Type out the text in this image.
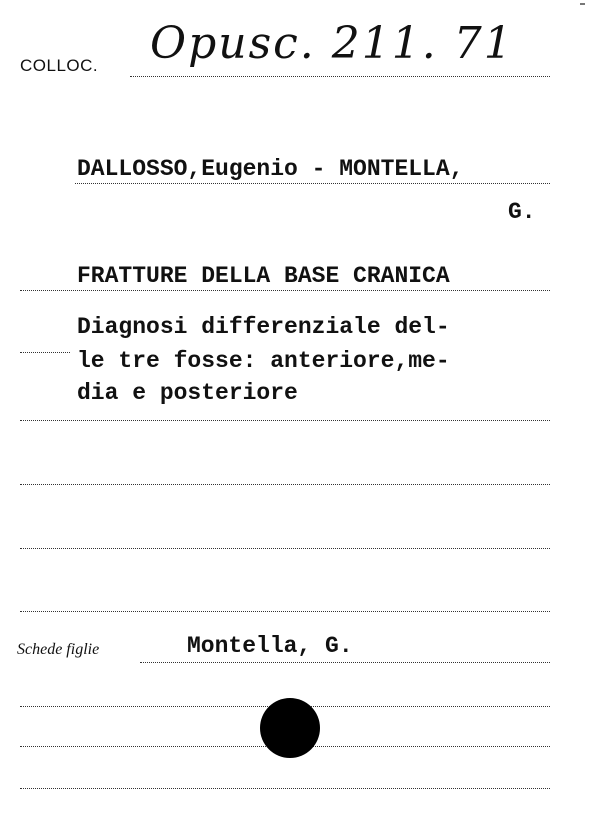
COLLOC. Opusc. 211. 71
DALLOSSO,Eugenio - MONTELLA,
G.
FRATTURE DELLA BASE CRANICA
Diagnosi differenziale del-
le tre fosse: anteriore,me-
dia e posteriore
Schede figlie	Montella, G.
